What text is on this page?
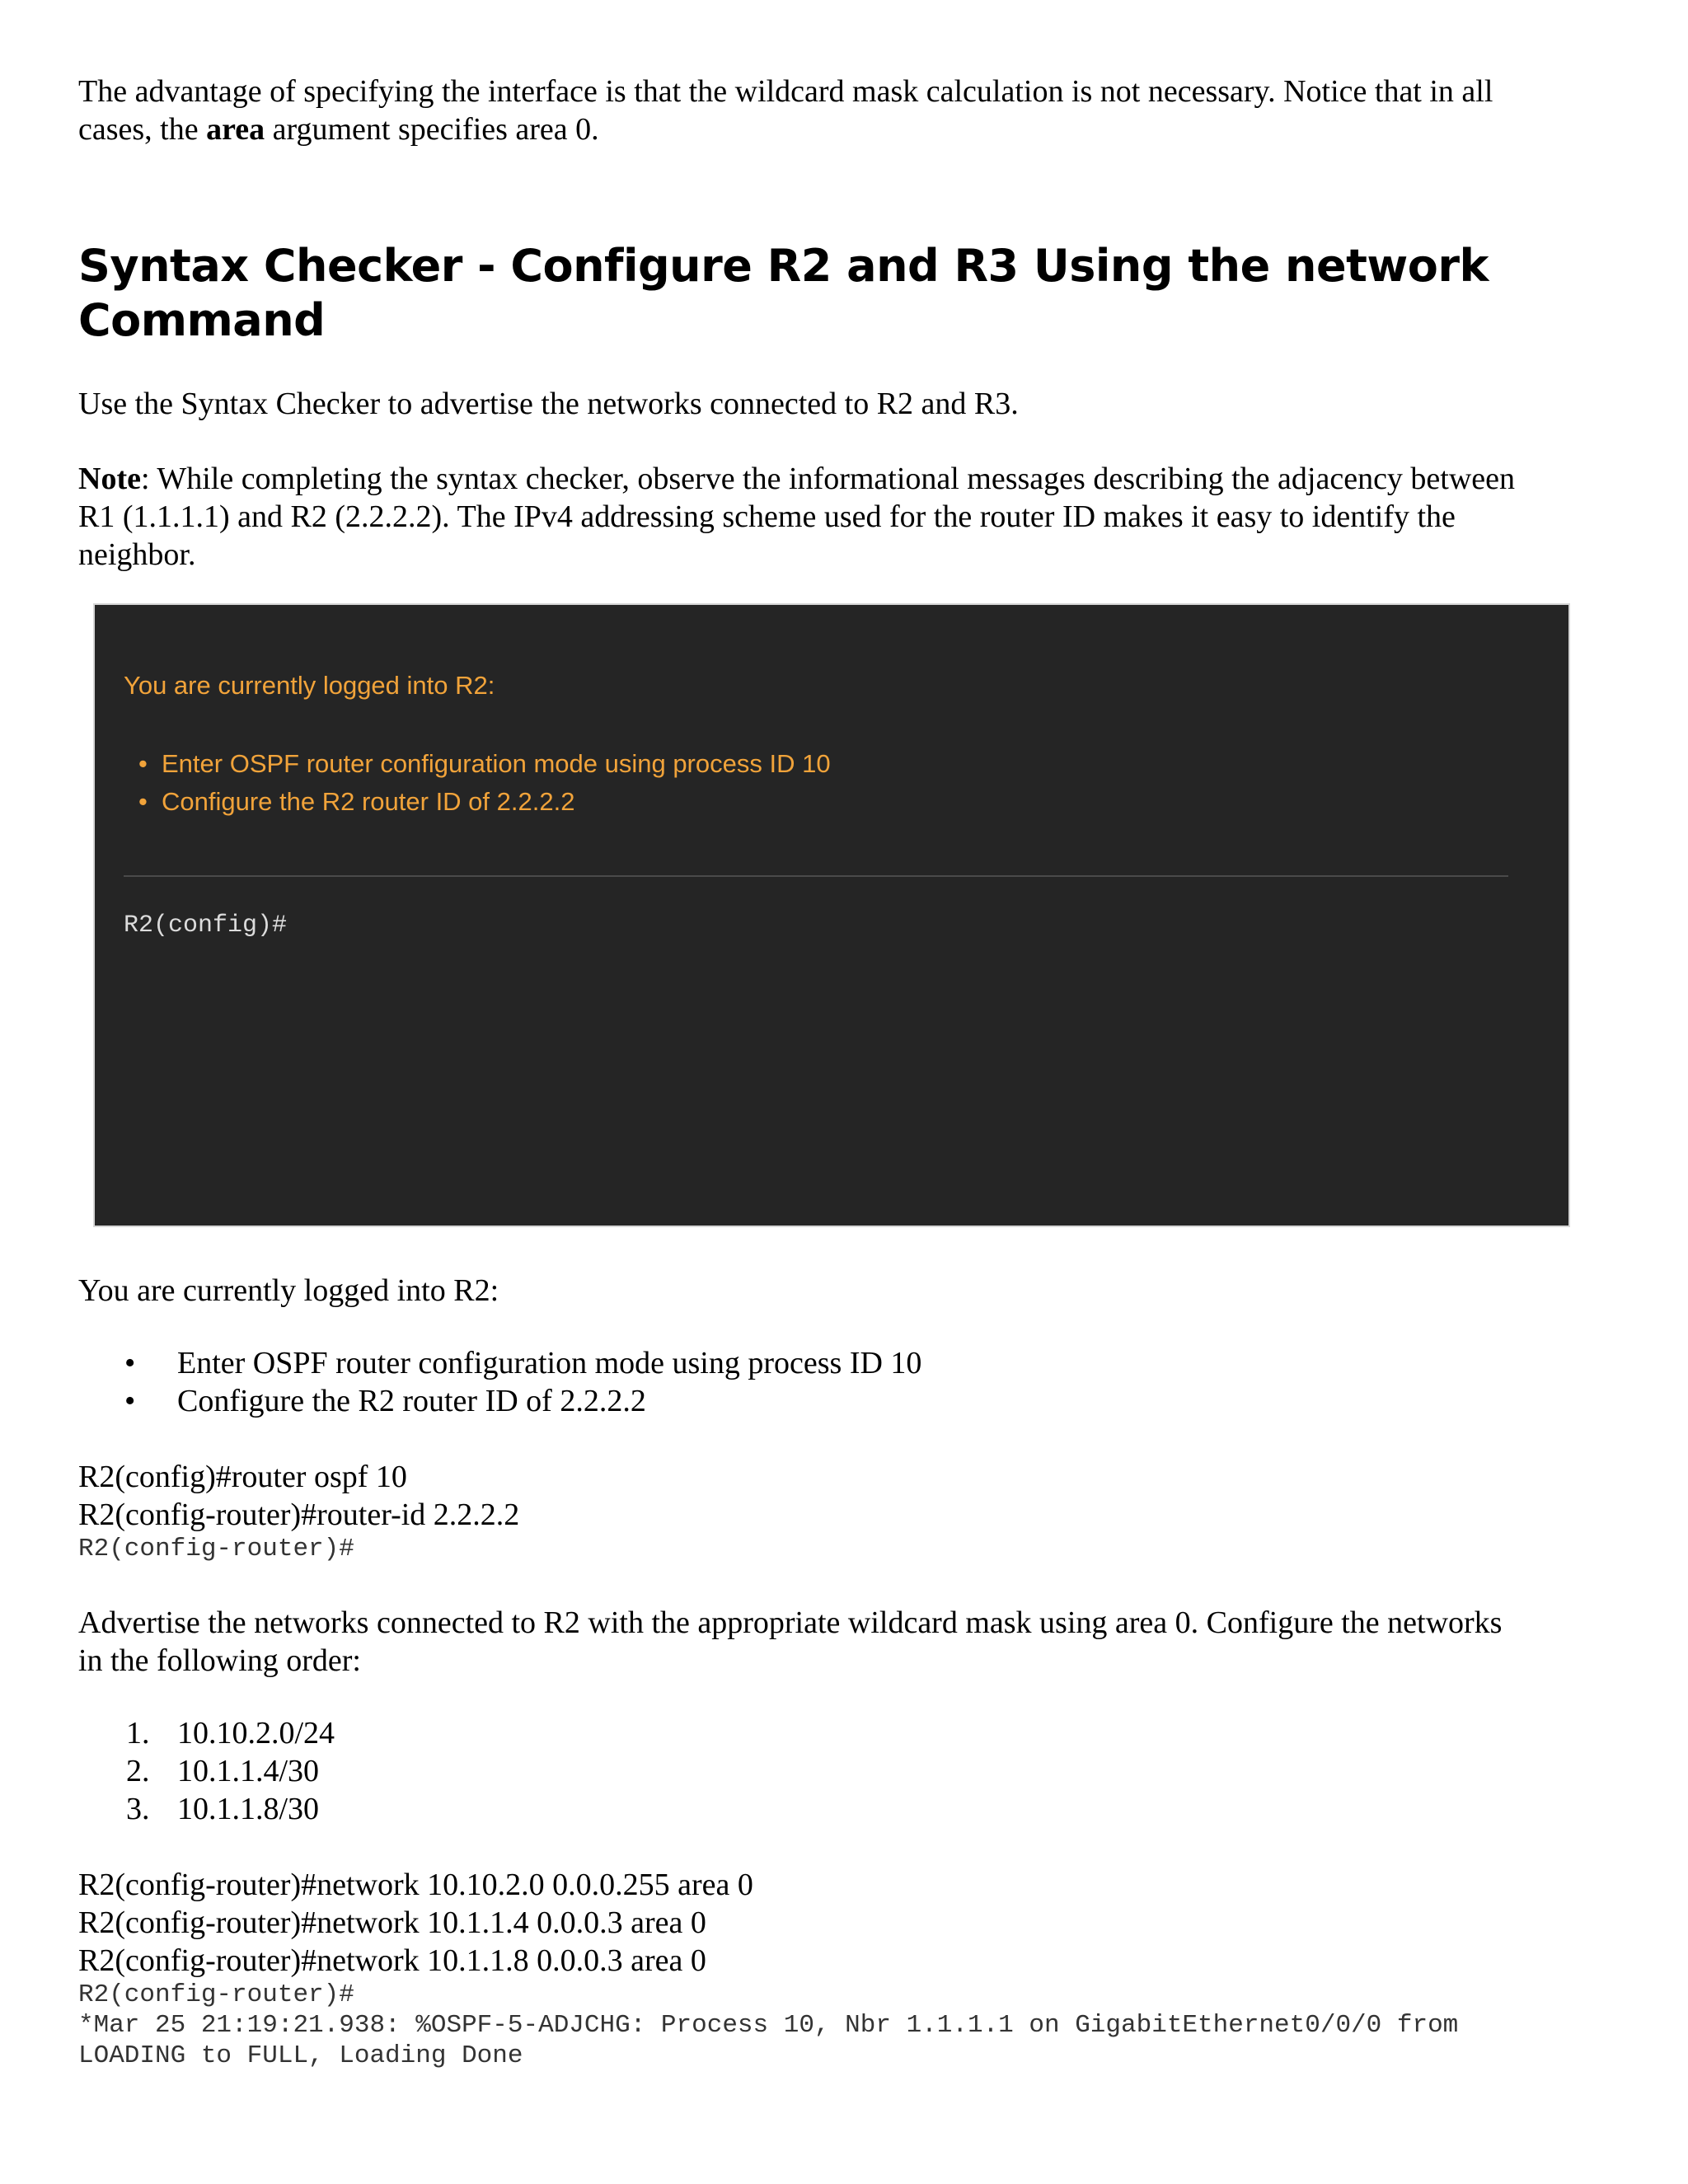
The advantage of specifying the interface is that the wildcard mask calculation is not necessary. Notice that in all
cases, the area argument specifies area 0.

Syntax Checker - Configure R2 and R3 Using the network Command

Use the Syntax Checker to advertise the networks connected to R2 and R3.

Note: While completing the syntax checker, observe the informational messages describing the adjacency between
R1 (1.1.1.1) and R2 (2.2.2.2). The IPv4 addressing scheme used for the router ID makes it easy to identify the
neighbor.

You are currently logged into R2:
• Enter OSPF router configuration mode using process ID 10
• Configure the R2 router ID of 2.2.2.2
R2(config)#

You are currently logged into R2:

• Enter OSPF router configuration mode using process ID 10
• Configure the R2 router ID of 2.2.2.2

R2(config)#router ospf 10

R2(config-router)#router-id 2.2.2.2

R2(config-router)#

Advertise the networks connected to R2 with the appropriate wildcard mask using area 0. Configure the networks
in the following order:

1. 10.10.2.0/24
2. 10.1.1.4/30
3. 10.1.1.8/30

R2(config-router)#network 10.10.2.0 0.0.0.255 area 0

R2(config-router)#network 10.1.1.4 0.0.0.3 area 0

R2(config-router)#network 10.1.1.8 0.0.0.3 area 0

R2(config-router)#

*Mar 25 21:19:21.938: %OSPF-5-ADJCHG: Process 10, Nbr 1.1.1.1 on GigabitEthernet0/0/0 from

LOADING to FULL, Loading Done
